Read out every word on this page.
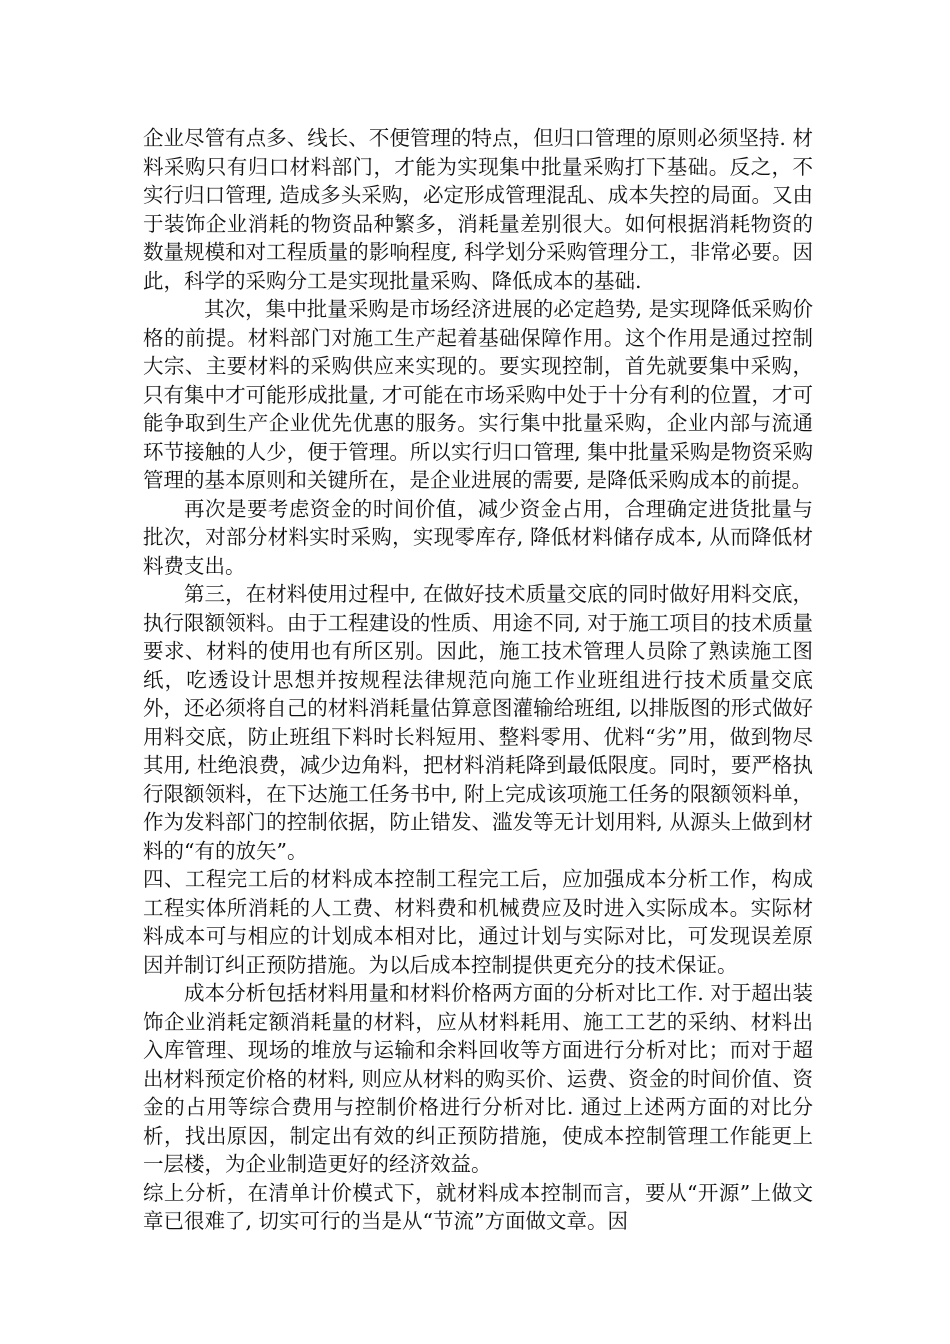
企业尽管有点多、线长、不便管理的特点，但归口管理的原则必须坚持. 材料采购只有归口材料部门，才能为实现集中批量采购打下基础。反之，不实行归口管理, 造成多头采购，必定形成管理混乱、成本失控的局面。又由于装饰企业消耗的物资品种繁多，消耗量差别很大。如何根据消耗物资的数量规模和对工程质量的影响程度, 科学划分采购管理分工，非常必要。因此，科学的采购分工是实现批量采购、降低成本的基础.

其次，集中批量采购是市场经济进展的必定趋势, 是实现降低采购价格的前提。材料部门对施工生产起着基础保障作用。这个作用是通过控制大宗、主要材料的采购供应来实现的。要实现控制，首先就要集中采购，只有集中才可能形成批量, 才可能在市场采购中处于十分有利的位置，才可能争取到生产企业优先优惠的服务。实行集中批量采购，企业内部与流通环节接触的人少，便于管理。所以实行归口管理, 集中批量采购是物资采购管理的基本原则和关键所在，是企业进展的需要, 是降低采购成本的前提。

再次是要考虑资金的时间价值，减少资金占用，合理确定进货批量与批次，对部分材料实时采购，实现零库存, 降低材料储存成本, 从而降低材料费支出。

第三，在材料使用过程中, 在做好技术质量交底的同时做好用料交底，执行限额领料。由于工程建设的性质、用途不同, 对于施工项目的技术质量要求、材料的使用也有所区别。因此，施工技术管理人员除了熟读施工图纸，吃透设计思想并按规程法律规范向施工作业班组进行技术质量交底外，还必须将自己的材料消耗量估算意图灌输给班组, 以排版图的形式做好用料交底，防止班组下料时长料短用、整料零用、优料“劣”用，做到物尽其用, 杜绝浪费，减少边角料，把材料消耗降到最低限度。同时，要严格执行限额领料，在下达施工任务书中, 附上完成该项施工任务的限额领料单，作为发料部门的控制依据，防止错发、滥发等无计划用料, 从源头上做到材料的“有的放矢”。

四、工程完工后的材料成本控制工程完工后，应加强成本分析工作，构成工程实体所消耗的人工费、材料费和机械费应及时进入实际成本。实际材料成本可与相应的计划成本相对比，通过计划与实际对比，可发现误差原因并制订纠正预防措施。为以后成本控制提供更充分的技术保证。

成本分析包括材料用量和材料价格两方面的分析对比工作. 对于超出装饰企业消耗定额消耗量的材料，应从材料耗用、施工工艺的采纳、材料出入库管理、现场的堆放与运输和余料回收等方面进行分析对比；而对于超出材料预定价格的材料, 则应从材料的购买价、运费、资金的时间价值、资金的占用等综合费用与控制价格进行分析对比. 通过上述两方面的对比分析，找出原因，制定出有效的纠正预防措施，使成本控制管理工作能更上一层楼，为企业制造更好的经济效益。

综上分析，在清单计价模式下，就材料成本控制而言，要从“开源”上做文章已很难了, 切实可行的当是从“节流”方面做文章。因
